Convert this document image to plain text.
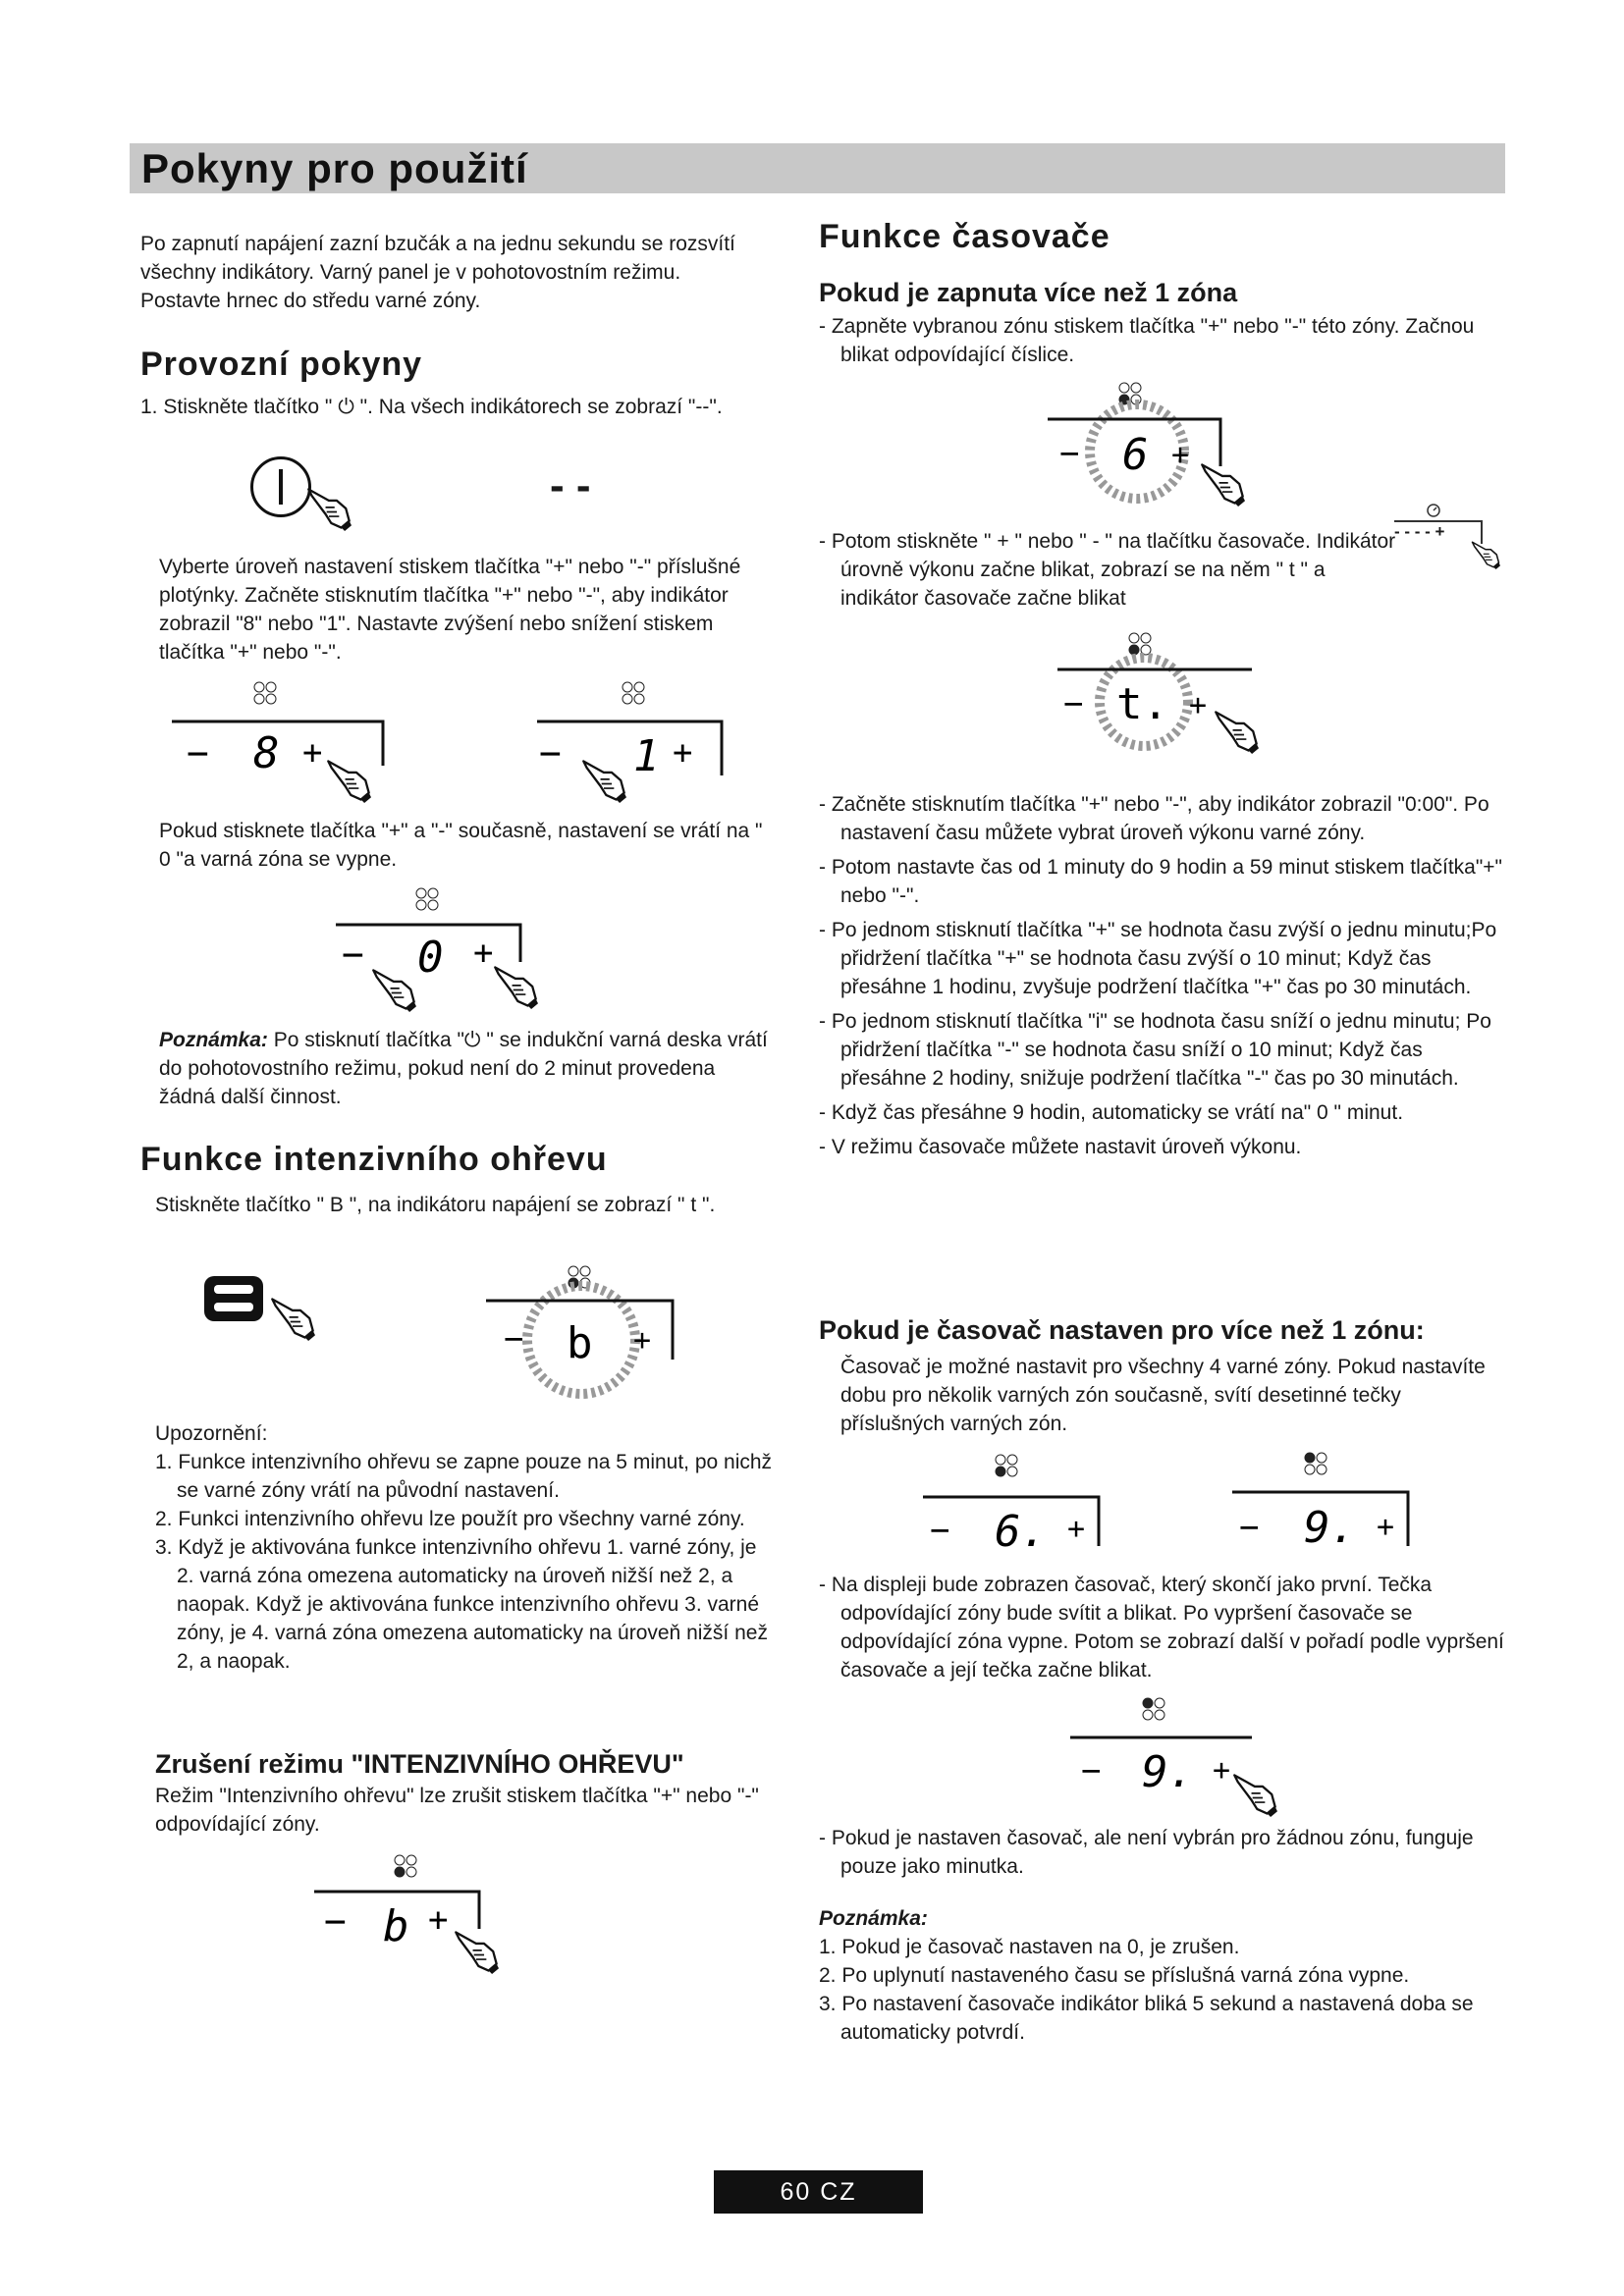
Pokyny pro použití
Po zapnutí napájení zazní bzučák a na jednu sekundu se rozsvítí všechny indikátory. Varný panel je v pohotovostním režimu.
Postavte hrnec do středu varné zóny.
Provozní pokyny
1. Stiskněte tlačítko " ⏻ ". Na všech indikátorech se zobrazí "--".
- -
Vyberte úroveň nastavení stiskem tlačítka "+" nebo "-" příslušné plotýnky. Začněte stisknutím tlačítka "+" nebo "-", aby indikátor zobrazil "8" nebo "1". Nastavte zvýšení nebo snížení stiskem tlačítka "+" nebo "-".
− 8 +	− 1 +
Pokud stisknete tlačítka "+" a "-" současně, nastavení se vrátí na " 0 "a varná zóna se vypne.
− 0 +
Poznámka: Po stisknutí tlačítka "⏻ " se indukční varná deska vrátí do pohotovostního režimu, pokud není do 2 minut provedena žádná další činnost.
Funkce intenzivního ohřevu
Stiskněte tlačítko " B ", na indikátoru napájení se zobrazí " t ".
− b +
Upozornění:
1. Funkce intenzivního ohřevu se zapne pouze na 5 minut, po nichž se varné zóny vrátí na původní nastavení.
2. Funkci intenzivního ohřevu lze použít pro všechny varné zóny.
3. Když je aktivována funkce intenzivního ohřevu 1. varné zóny, je 2. varná zóna omezena automaticky na úroveň nižší než 2, a naopak. Když je aktivována funkce intenzivního ohřevu 3. varné zóny, je 4. varná zóna omezena automaticky na úroveň nižší než 2, a naopak.
Zrušení režimu "INTENZIVNÍHO OHŘEVU"
Režim "Intenzivního ohřevu" lze zrušit stiskem tlačítka "+" nebo "-" odpovídající zóny.
− b +
Funkce časovače
Pokud je zapnuta více než 1 zóna
- Zapněte vybranou zónu stiskem tlačítka "+" nebo "-" této zóny. Začnou blikat odpovídající číslice.
− 6 +
- Potom stiskněte " + " nebo " - " na tlačítku časovače. Indikátor úrovně výkonu začne blikat, zobrazí se na něm " t " a indikátor časovače začne blikat
- - - - +
− t. +
- Začněte stisknutím tlačítka "+" nebo "-", aby indikátor zobrazil "0:00". Po nastavení času můžete vybrat úroveň výkonu varné zóny.
- Potom nastavte čas od 1 minuty do 9 hodin a 59 minut stiskem tlačítka"+" nebo "-".
- Po jednom stisknutí tlačítka "+" se hodnota času zvýší o jednu minutu;Po přidržení tlačítka "+" se hodnota času zvýší o 10 minut; Když čas přesáhne 1 hodinu, zvyšuje podržení tlačítka "+" čas po 30 minutách.
- Po jednom stisknutí tlačítka "i" se hodnota času sníží o jednu minutu; Po přidržení tlačítka "-" se hodnota času sníží o 10 minut; Když čas přesáhne 2 hodiny, snižuje podržení tlačítka "-" čas po 30 minutách.
- Když čas přesáhne 9 hodin, automaticky se vrátí na" 0 " minut.
- V režimu časovače můžete nastavit úroveň výkonu.
Pokud je časovač nastaven pro více než 1 zónu:
Časovač je možné nastavit pro všechny 4 varné zóny. Pokud nastavíte dobu pro několik varných zón současně, svítí desetinné tečky příslušných varných zón.
− 6. +	− 9. +
- Na displeji bude zobrazen časovač, který skončí jako první. Tečka odpovídající zóny bude svítit a blikat. Po vypršení časovače se odpovídající zóna vypne. Potom se zobrazí další v pořadí podle vypršení časovače a její tečka začne blikat.
− 9. +
- Pokud je nastaven časovač, ale není vybrán pro žádnou zónu, funguje pouze jako minutka.
Poznámka:
1. Pokud je časovač nastaven na 0, je zrušen.
2. Po uplynutí nastaveného času se příslušná varná zóna vypne.
3. Po nastavení časovače indikátor bliká 5 sekund a nastavená doba se automaticky potvrdí.
60 CZ
